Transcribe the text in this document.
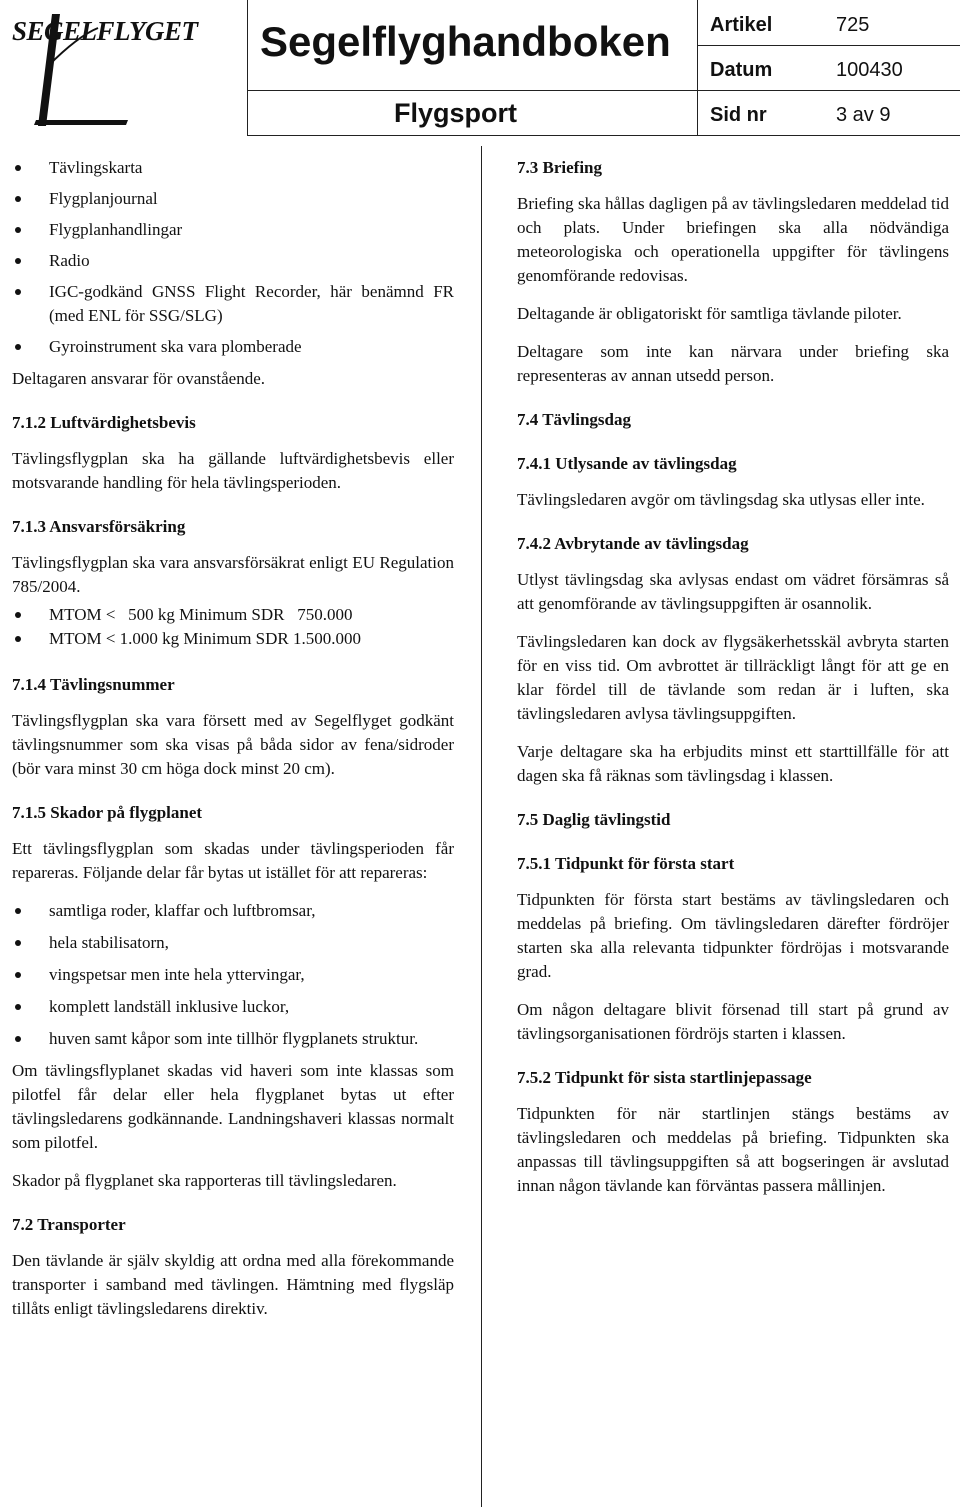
SEGELFLYGET Segelflyghandboken
Flygsport
Artikel	725
Datum	100430
Sid nr	3 av 9
Tävlingskarta
Flygplanjournal
Flygplanhandlingar
Radio
IGC-godkänd GNSS Flight Recorder, här benämnd FR (med ENL för SSG/SLG)
Gyroinstrument ska vara plomberade

Deltagaren ansvarar för ovanstående.

7.1.2 Luftvärdighetsbevis

Tävlingsflygplan ska ha gällande luftvärdighetsbevis eller motsvarande handling för hela tävlingsperioden.

7.1.3 Ansvarsförsäkring

Tävlingsflygplan ska vara ansvarsförsäkrat enligt EU Regulation 785/2004.

MTOM <   500 kg Minimum SDR   750.000
MTOM < 1.000 kg Minimum SDR 1.500.000
7.1.4 Tävlingsnummer

Tävlingsflygplan ska vara försett med av Segelflyget godkänt tävlingsnummer som ska visas på båda sidor av fena/sidroder (bör vara minst 30 cm höga dock minst 20 cm).

7.1.5 Skador på flygplanet

Ett tävlingsflygplan som skadas under tävlingsperioden får repareras. Följande delar får bytas ut istället för att repareras:

samtliga roder, klaffar och luftbromsar,
hela stabilisatorn,
vingspetsar men inte hela yttervingar,
komplett landställ inklusive luckor,
huven samt kåpor som inte tillhör flygplanets struktur.

Om tävlingsflyplanet skadas vid haveri som inte klassas som pilotfel får delar eller hela flygplanet bytas ut efter tävlingsledarens godkännande. Landningshaveri klassas normalt som pilotfel.

Skador på flygplanet ska rapporteras till tävlingsledaren.

7.2 Transporter

Den tävlande är själv skyldig att ordna med alla förekommande transporter i samband med tävlingen. Hämtning med flygsläp tillåts enligt tävlingsledarens direktiv.

7.3 Briefing

Briefing ska hållas dagligen på av tävlingsledaren meddelad tid och plats. Under briefingen ska alla nödvändiga meteorologiska och operationella uppgifter för tävlingens genomförande redovisas.

Deltagande är obligatoriskt för samtliga tävlande piloter.

Deltagare som inte kan närvara under briefing ska representeras av annan utsedd person.

7.4 Tävlingsdag
7.4.1 Utlysande av tävlingsdag

Tävlingsledaren avgör om tävlingsdag ska utlysas eller inte.

7.4.2 Avbrytande av tävlingsdag

Utlyst tävlingsdag ska avlysas endast om vädret försämras så att genomförande av tävlingsuppgiften är osannolik.

Tävlingsledaren kan dock av flygsäkerhetsskäl avbryta starten för en viss tid. Om avbrottet är tillräckligt långt för att ge en klar fördel till de tävlande som redan är i luften, ska tävlingsledaren avlysa tävlingsuppgiften.

Varje deltagare ska ha erbjudits minst ett starttillfälle för att dagen ska få räknas som tävlingsdag i klassen.

7.5 Daglig tävlingstid
7.5.1 Tidpunkt för första start

Tidpunkten för första start bestäms av tävlingsledaren och meddelas på briefing. Om tävlingsledaren därefter fördröjer starten ska alla relevanta tidpunkter fördröjas i motsvarande grad.

Om någon deltagare blivit försenad till start på grund av tävlingsorganisationen fördröjs starten i klassen.

7.5.2 Tidpunkt för sista startlinjepassage

Tidpunkten för när startlinjen stängs bestäms av tävlingsledaren och meddelas på briefing. Tidpunkten ska anpassas till tävlingsuppgiften så att bogseringen är avslutad innan någon tävlande kan förväntas passera mållinjen.
